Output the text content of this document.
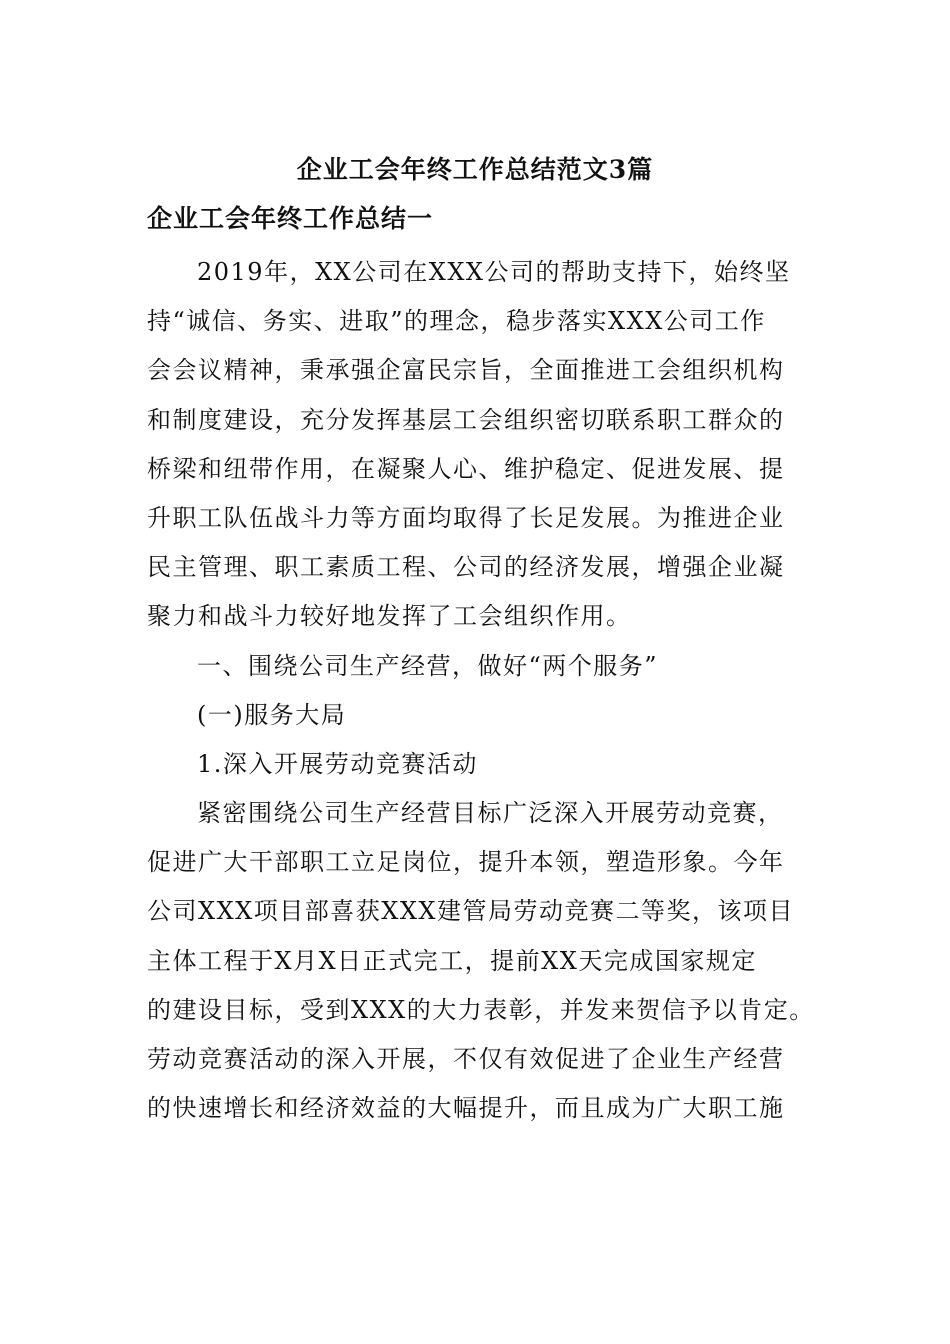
企业工会年终工作总结范文3篇
企业工会年终工作总结一
2019年，XX公司在XXX公司的帮助支持下，始终坚
持“诚信、务实、进取”的理念，稳步落实XXX公司工作
会会议精神，秉承强企富民宗旨，全面推进工会组织机构
和制度建设，充分发挥基层工会组织密切联系职工群众的
桥梁和纽带作用，在凝聚人心、维护稳定、促进发展、提
升职工队伍战斗力等方面均取得了长足发展。为推进企业
民主管理、职工素质工程、公司的经济发展，增强企业凝
聚力和战斗力较好地发挥了工会组织作用。
一、围绕公司生产经营，做好“两个服务”
(一)服务大局
1.深入开展劳动竞赛活动
紧密围绕公司生产经营目标广泛深入开展劳动竞赛，
促进广大干部职工立足岗位，提升本领，塑造形象。今年
公司XXX项目部喜获XXX建管局劳动竞赛二等奖，该项目
主体工程于X月X日正式完工，提前XX天完成国家规定
的建设目标，受到XXX的大力表彰，并发来贺信予以肯定。
劳动竞赛活动的深入开展，不仅有效促进了企业生产经营
的快速增长和经济效益的大幅提升，而且成为广大职工施
